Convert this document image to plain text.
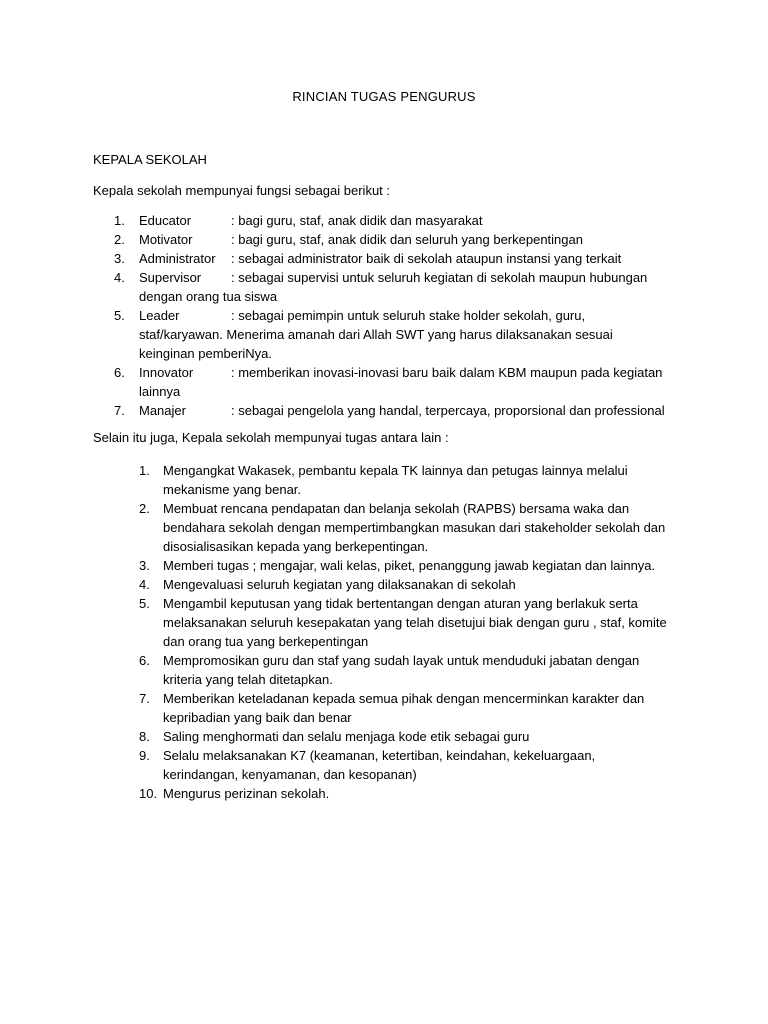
RINCIAN TUGAS PENGURUS
KEPALA SEKOLAH
Kepala sekolah mempunyai fungsi sebagai berikut :
1.	Educator	: bagi guru, staf, anak didik dan masyarakat
2.	Motivator	: bagi guru, staf, anak didik dan seluruh yang berkepentingan
3.	Administrator	: sebagai administrator baik di sekolah ataupun instansi yang terkait
4.	Supervisor	: sebagai supervisi untuk seluruh kegiatan di sekolah maupun hubungan dengan orang tua siswa
5.	Leader	: sebagai pemimpin untuk seluruh stake holder sekolah, guru, staf/karyawan. Menerima amanah dari Allah SWT yang harus dilaksanakan sesuai keinginan pemberiNya.
6.	Innovator	: memberikan inovasi-inovasi baru baik dalam KBM maupun pada kegiatan lainnya
7.	Manajer	: sebagai pengelola yang handal, terpercaya, proporsional dan professional
Selain itu juga, Kepala sekolah mempunyai tugas antara lain :
1.	Mengangkat Wakasek, pembantu kepala TK lainnya dan petugas lainnya melalui mekanisme yang benar.
2.	Membuat rencana pendapatan dan belanja sekolah (RAPBS) bersama waka dan bendahara sekolah dengan mempertimbangkan masukan dari stakeholder sekolah dan disosialisasikan kepada yang berkepentingan.
3.	Memberi tugas ; mengajar, wali kelas, piket, penanggung jawab kegiatan dan lainnya.
4.	Mengevaluasi seluruh kegiatan yang dilaksanakan di sekolah
5.	Mengambil keputusan yang tidak bertentangan dengan aturan yang berlakuk serta melaksanakan seluruh kesepakatan yang telah disetujui biak dengan guru , staf, komite dan orang tua yang berkepentingan
6.	Mempromosikan guru dan staf yang sudah layak untuk menduduki jabatan dengan kriteria yang telah ditetapkan.
7.	Memberikan keteladanan kepada semua pihak dengan mencerminkan karakter dan kepribadian yang baik dan benar
8.	Saling menghormati dan selalu menjaga kode etik sebagai guru
9.	Selalu melaksanakan K7 (keamanan, ketertiban, keindahan, kekeluargaan, kerindangan, kenyamanan, dan kesopanan)
10. Mengurus perizinan sekolah.
